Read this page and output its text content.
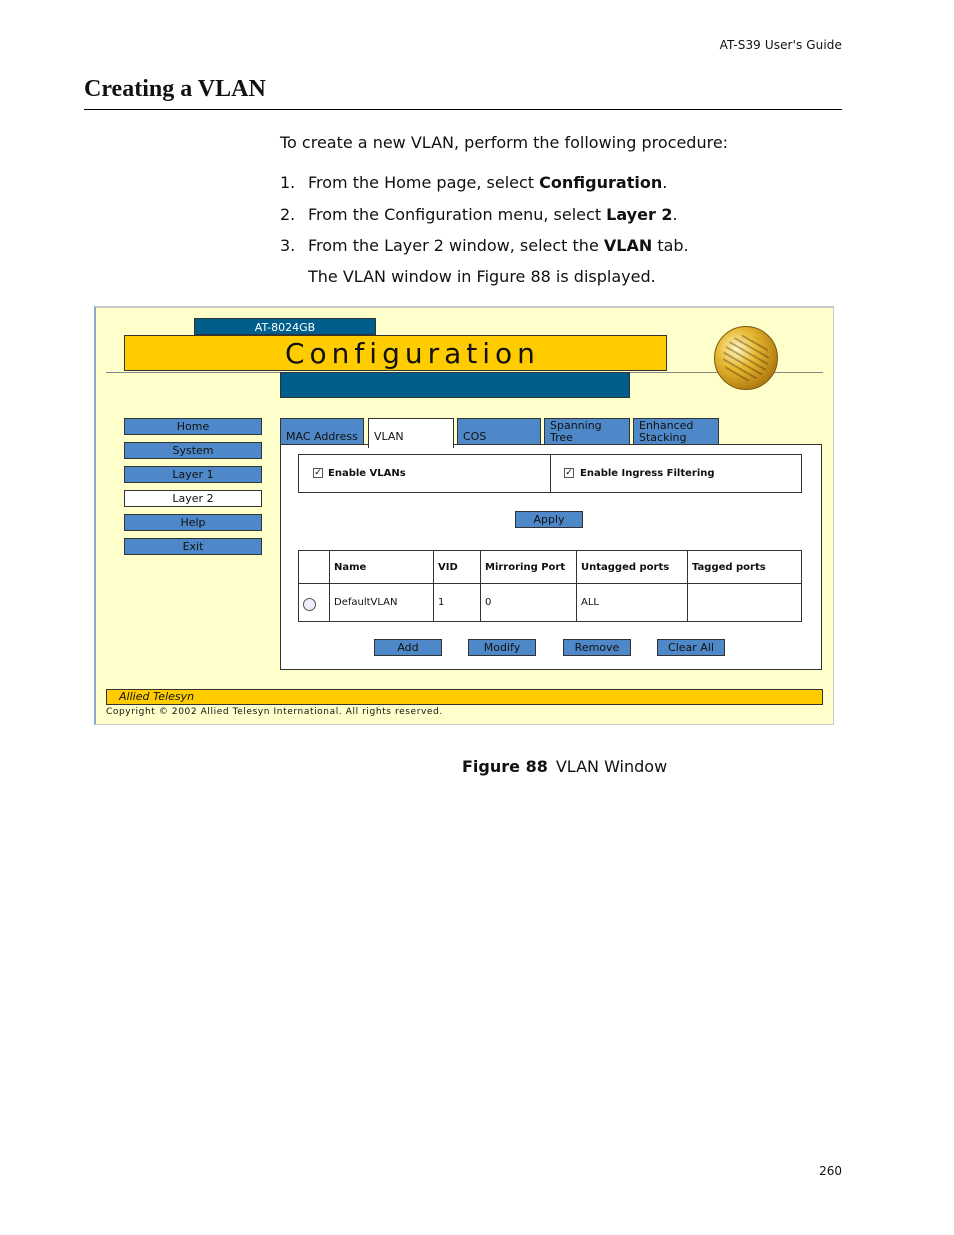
AT-S39 User's Guide
Creating a VLAN
To create a new VLAN, perform the following procedure:
1. From the Home page, select Configuration.
2. From the Configuration menu, select Layer 2.
3. From the Layer 2 window, select the VLAN tab.
The VLAN window in Figure 88 is displayed.
AT-8024GB
Configuration
Home
System
Layer 1
Layer 2
Help
Exit
MAC Address	VLAN	COS
Spanning
Tree
Enhanced
Stacking
✓ Enable VLANs	✓ Enable Ingress Filtering
Apply
	Name	VID	Mirroring Port	Untagged ports	Tagged ports
	DefaultVLAN	1	0	ALL	
Add	Modify	Remove	Clear All
Allied Telesyn
Copyright © 2002 Allied Telesyn International. All rights reserved.
Figure 88 VLAN Window
260
